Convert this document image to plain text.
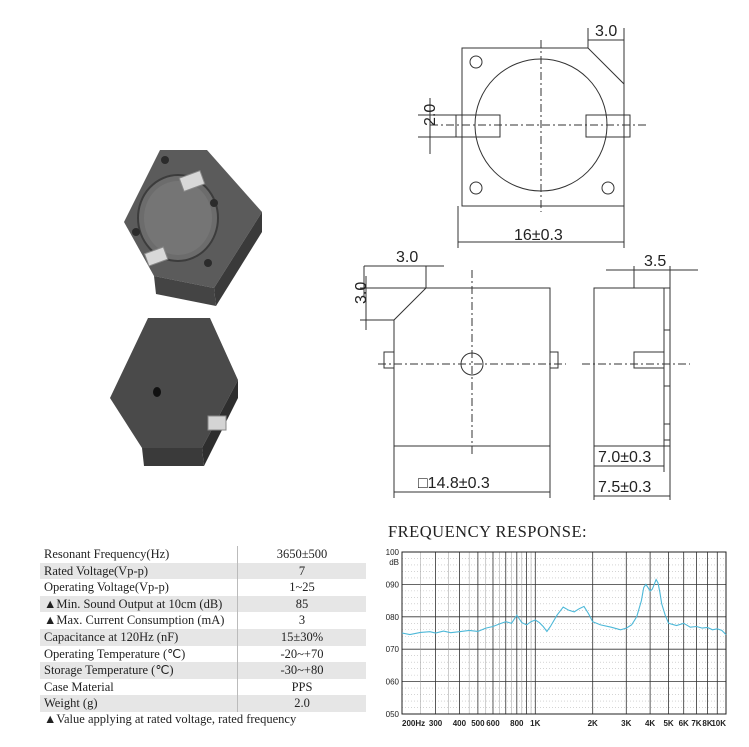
3.0
2.0
16±0.3
3.0
3.0
□14.8±0.3
3.5
7.0±0.3
7.5±0.3
Resonant Frequency(Hz)	3650±500
Rated Voltage(Vp-p)	7
Operating Voltage(Vp-p)	1~25
▲Min. Sound Output at 10cm (dB)	85
▲Max. Current Consumption (mA)	3
Capacitance at 120Hz (nF)	15±30%
Operating Temperature (℃)	-20~+70
Storage Temperature (℃)	-30~+80
Case Material	PPS
Weight (g)	2.0
▲Value applying at rated voltage, rated frequency
FREQUENCY RESPONSE:
100
090
080
070
060
050
dB
200Hz 300 400 500 600 800 1K	2K	3K 4K 5K 6K 7K 8K
10K
